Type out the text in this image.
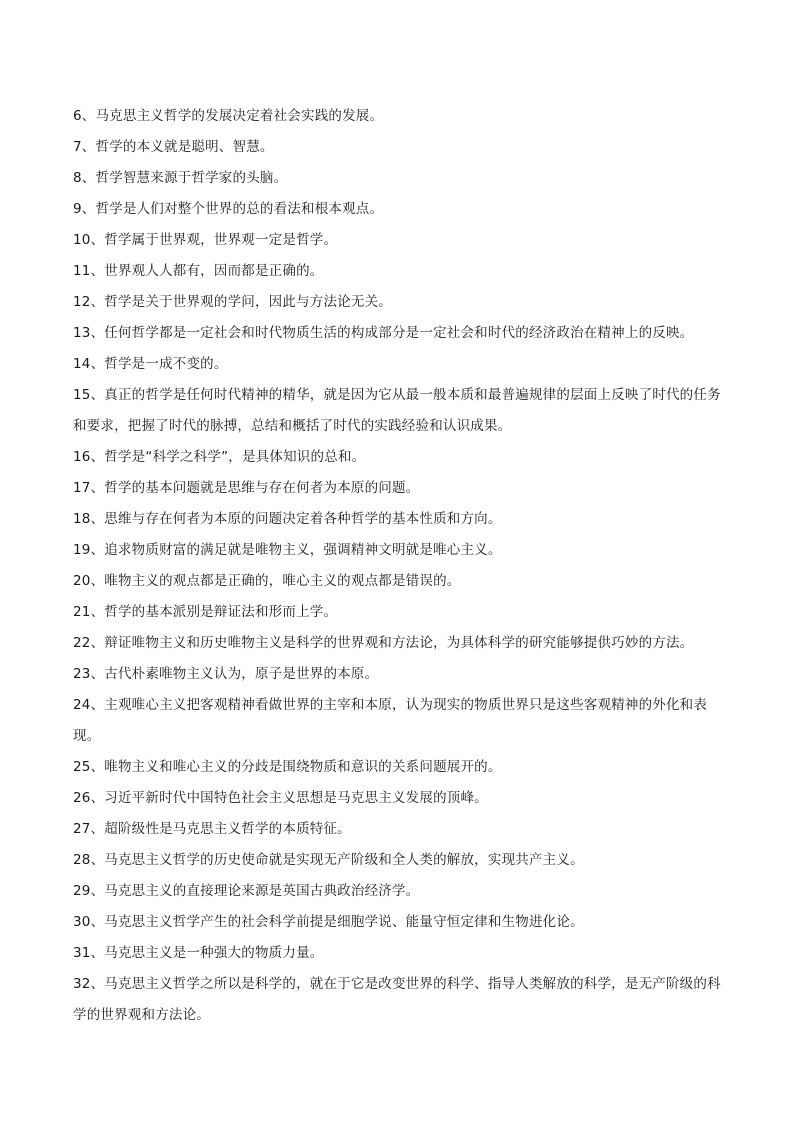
6、马克思主义哲学的发展决定着社会实践的发展。

7、哲学的本义就是聪明、智慧。

8、哲学智慧来源于哲学家的头脑。

9、哲学是人们对整个世界的总的看法和根本观点。

10、哲学属于世界观，世界观一定是哲学。

11、世界观人人都有，因而都是正确的。

12、哲学是关于世界观的学问，因此与方法论无关。

13、任何哲学都是一定社会和时代物质生活的构成部分是一定社会和时代的经济政治在精神上的反映。

14、哲学是一成不变的。

15、真正的哲学是任何时代精神的精华，就是因为它从最一般本质和最普遍规律的层面上反映了时代的任务和要求，把握了时代的脉搏，总结和概括了时代的实践经验和认识成果。

16、哲学是“科学之科学”，是具体知识的总和。

17、哲学的基本问题就是思维与存在何者为本原的问题。

18、思维与存在何者为本原的问题决定着各种哲学的基本性质和方向。

19、追求物质财富的满足就是唯物主义，强调精神文明就是唯心主义。

20、唯物主义的观点都是正确的，唯心主义的观点都是错误的。

21、哲学的基本派别是辩证法和形而上学。

22、辩证唯物主义和历史唯物主义是科学的世界观和方法论，为具体科学的研究能够提供巧妙的方法。

23、古代朴素唯物主义认为，原子是世界的本原。

24、主观唯心主义把客观精神看做世界的主宰和本原，认为现实的物质世界只是这些客观精神的外化和表现。

25、唯物主义和唯心主义的分歧是围绕物质和意识的关系问题展开的。

26、习近平新时代中国特色社会主义思想是马克思主义发展的顶峰。

27、超阶级性是马克思主义哲学的本质特征。

28、马克思主义哲学的历史使命就是实现无产阶级和全人类的解放，实现共产主义。

29、马克思主义的直接理论来源是英国古典政治经济学。

30、马克思主义哲学产生的社会科学前提是细胞学说、能量守恒定律和生物进化论。

31、马克思主义是一种强大的物质力量。

32、马克思主义哲学之所以是科学的，就在于它是改变世界的科学、指导人类解放的科学，是无产阶级的科学的世界观和方法论。
